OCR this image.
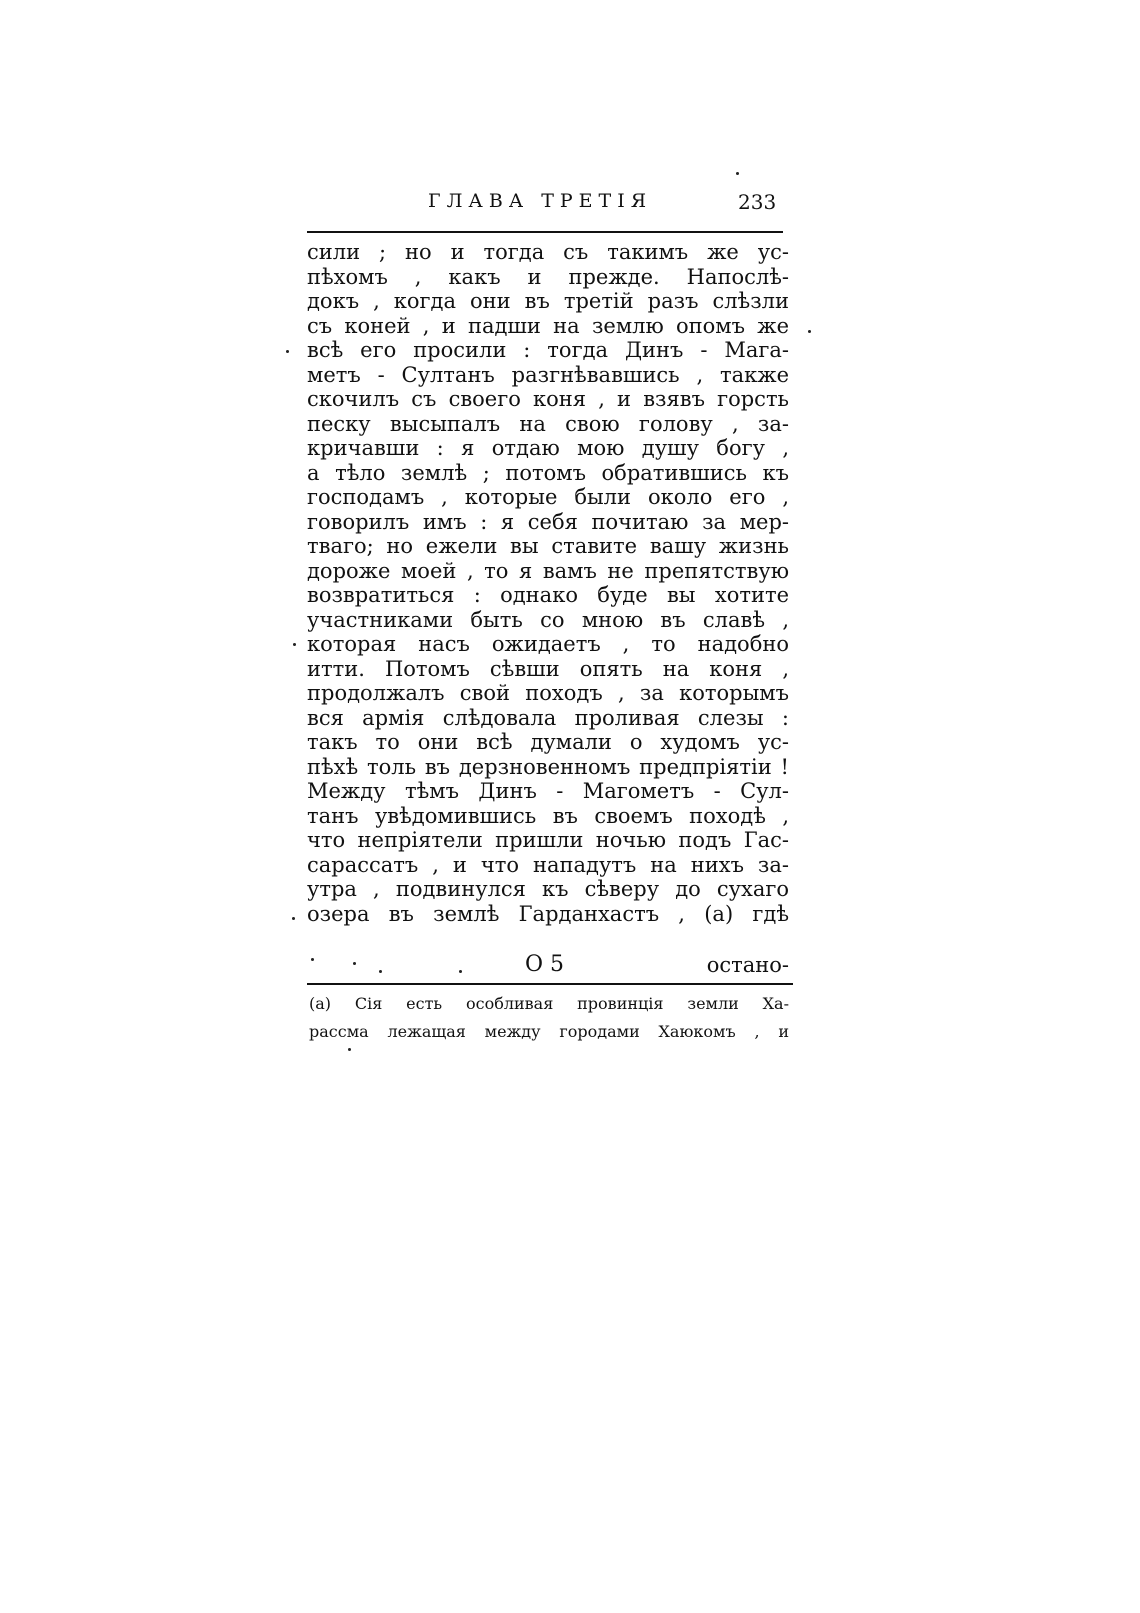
ГЛАВА ТРЕТІЯ	233
сили ; но и тогда съ такимъ же ус-
пѣхомъ , какъ и прежде. Напослѣ-
докъ , когда они въ третій разъ слѣзли
съ коней , и падши на землю опомъ же
всѣ его просили : тогда Динъ - Мага-
метъ - Султанъ разгнѣвавшись , такжe
скочилъ съ своего коня , и взявъ горсть
песку высыпалъ на свою голову , за-
кричавши : я отдаю мою душу богу ,
а тѣло землѣ ; потомъ обратившись къ
господамъ , которые были около его ,
говорилъ имъ : я себя почитаю за мер-
тваго; но ежели вы ставите вашу жизнь
дороже моей , то я вамъ не препятствую
возвратиться : однако буде вы хотите
участниками быть со мною въ славѣ ,
которая насъ ожидаетъ , то надобно
итти. Потомъ сѣвши опять на коня ,
продолжалъ свой походъ , за которымъ
вся армія слѣдовала проливая слезы :
такъ то они всѣ думали о худомъ ус-
пѣхѣ толь въ дерзновенномъ предпріятіи !
Между тѣмъ Динъ - Магометъ - Сул-
танъ увѣдомившись въ своемъ походѣ ,
что непріятели пришли ночью подъ Гас-
сарассатъ , и что нападутъ на нихъ за-
утра , подвинулся къ сѣверу до сухаго
озера въ землѣ Гарданхастъ , (а) гдѣ
О 5	остано-
(а) Сія есть особливая провинція земли Ха-
рассма лежащая между городами Хаюкомъ , и
